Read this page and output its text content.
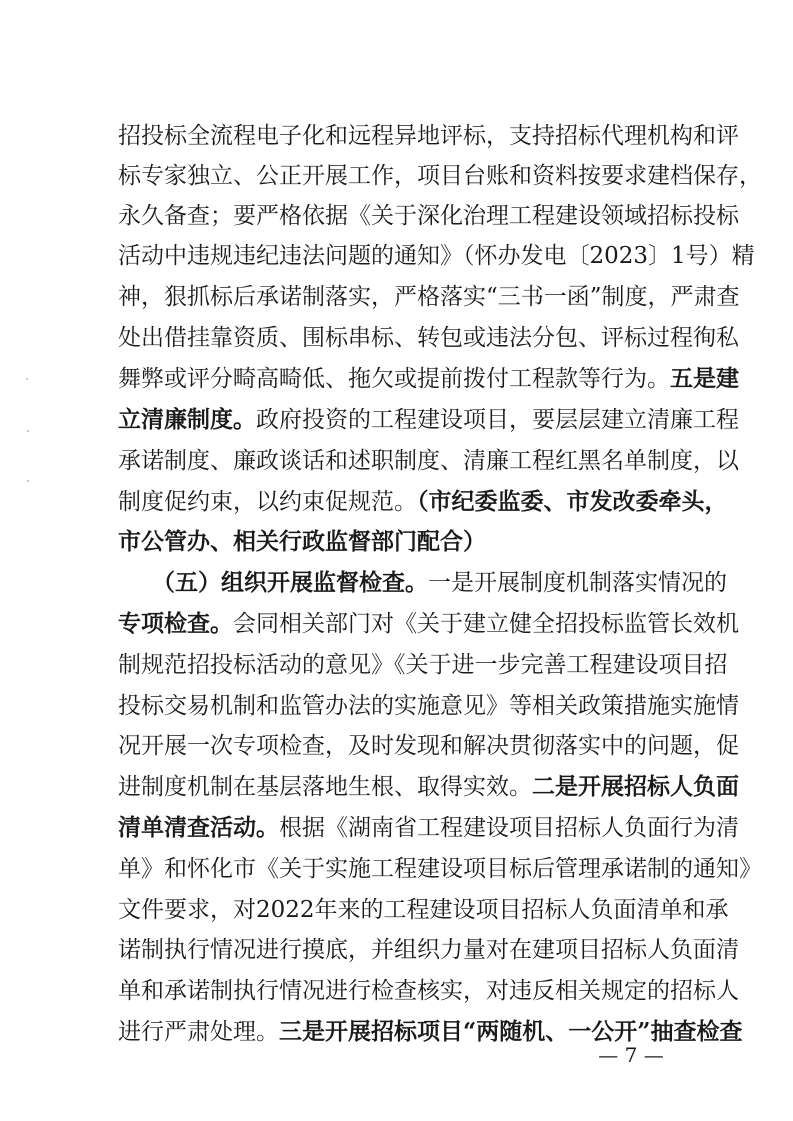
招投标全流程电子化和远程异地评标，支持招标代理机构和评
标专家独立、公正开展工作，项目台账和资料按要求建档保存，
永久备查；要严格依据《关于深化治理工程建设领域招标投标
活动中违规违纪违法问题的通知》（怀办发电〔2023〕1号）精
神，狠抓标后承诺制落实，严格落实“三书一函”制度，严肃查
处出借挂靠资质、围标串标、转包或违法分包、评标过程徇私
舞弊或评分畸高畸低、拖欠或提前拨付工程款等行为。五是建
立清廉制度。政府投资的工程建设项目，要层层建立清廉工程
承诺制度、廉政谈话和述职制度、清廉工程红黑名单制度，以
制度促约束，以约束促规范。（市纪委监委、市发改委牵头，
市公管办、相关行政监督部门配合）
（五）组织开展监督检查。一是开展制度机制落实情况的
专项检查。会同相关部门对《关于建立健全招投标监管长效机
制规范招投标活动的意见》《关于进一步完善工程建设项目招
投标交易机制和监管办法的实施意见》等相关政策措施实施情
况开展一次专项检查，及时发现和解决贯彻落实中的问题，促
进制度机制在基层落地生根、取得实效。二是开展招标人负面
清单清查活动。根据《湖南省工程建设项目招标人负面行为清
单》和怀化市《关于实施工程建设项目标后管理承诺制的通知》
文件要求，对2022年来的工程建设项目招标人负面清单和承
诺制执行情况进行摸底，并组织力量对在建项目招标人负面清
单和承诺制执行情况进行检查核实，对违反相关规定的招标人
进行严肃处理。三是开展招标项目“两随机、一公开”抽查检查
— 7 —
